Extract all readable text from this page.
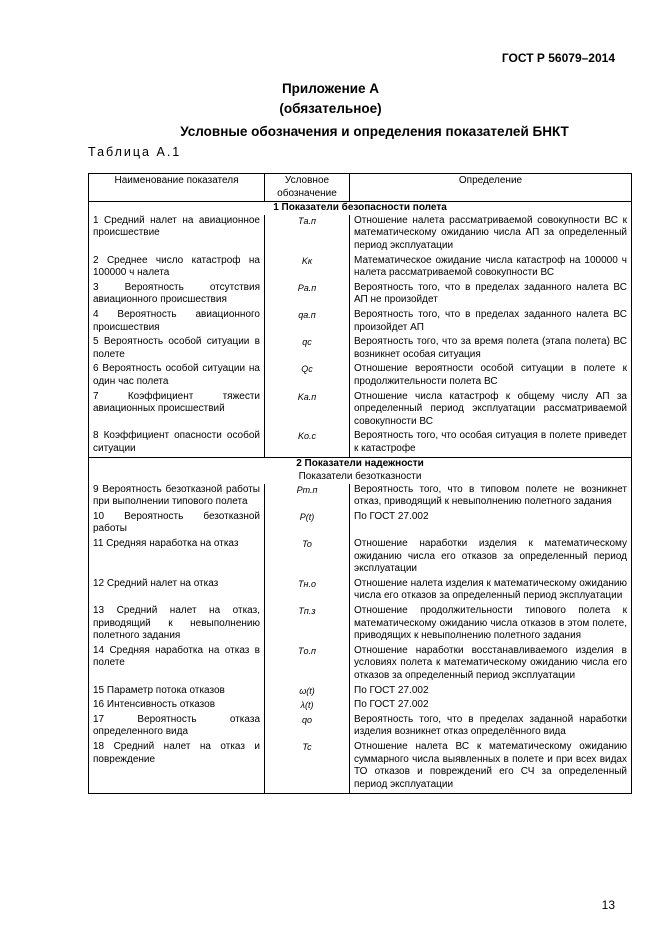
ГОСТ Р 56079–2014
Приложение А
(обязательное)
Условные обозначения и определения показателей БНКТ
Таблица А.1
Наименование показателя	Условное обозначение	Определение
1 Показатели безопасности полета		
1 Средний налет на авиационное происшествие	Tа.п	Отношение налета рассматриваемой совокупности ВС к математическому ожиданию числа АП за определенный период эксплуатации
2 Среднее число катастроф на 100000 ч налета	Kк	Математическое ожидание числа катастроф на 100000 ч налета рассматриваемой совокупности ВС
3 Вероятность отсутствия авиационного происшествия	Pа.п	Вероятность того, что в пределах заданного налета ВС АП не произойдет
4 Вероятность авиационного происшествия	qа.п	Вероятность того, что в пределах заданного налета ВС произойдет АП
5 Вероятность особой ситуации в полете	qc	Вероятность того, что за время полета (этапа полета) ВС возникнет особая ситуация
6 Вероятность особой ситуации на один час полета	Qc	Отношение вероятности особой ситуации в полете к продолжительности полета ВС
7 Коэффициент тяжести авиационных происшествий	Kа.п	Отношение числа катастроф к общему числу АП за определенный период эксплуатации рассматриваемой совокупности ВС
8 Коэффициент опасности особой ситуации	Kо.с	Вероятность того, что особая ситуация в полете приведет к катастрофе
2 Показатели надежности		
Показатели безотказности		
9 Вероятность безотказной работы при выполнении типового полета	Pт.п	Вероятность того, что в типовом полете не возникнет отказ, приводящий к невыполнению полетного задания
10 Вероятность безотказной работы	P(t)	По ГОСТ 27.002
11 Средняя наработка на отказ	To	Отношение наработки изделия к математическому ожиданию числа его отказов за определенный период эксплуатации
12 Средний налет на отказ	Tн.о	Отношение налета изделия к математическому ожиданию числа его отказов за определенный период эксплуатации
13 Средний налет на отказ, приводящий к невыполнению полетного задания	Tп.з	Отношение продолжительности типового полета к математическому ожиданию числа отказов в этом полете, приводящих к невыполнению полетного задания
14 Средняя наработка на отказ в полете	Tо.п	Отношение наработки восстанавливаемого изделия в условиях полета к математическому ожиданию числа его отказов за определенный период эксплуатации
15 Параметр потока отказов	ω(t)	По ГОСТ 27.002
16 Интенсивность отказов	λ(t)	По ГОСТ 27.002
17 Вероятность отказа определенного вида	qo	Вероятность того, что в пределах заданной наработки изделия возникнет отказ определённого вида
18 Средний налет на отказ и повреждение	Tc	Отношение налета ВС к математическому ожиданию суммарного числа выявленных в полете и при всех видах ТО отказов и повреждений его СЧ за определенный период эксплуатации
13
